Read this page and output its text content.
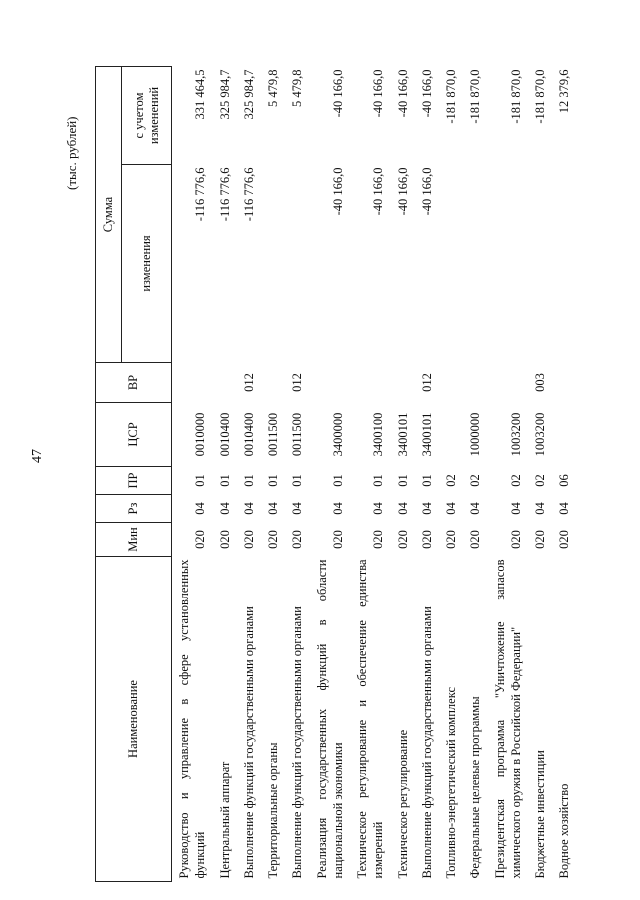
47
(тыс. рублей)
Наименование	Мин	Рз	ПР	ЦСР	ВР	Сумма	
						изменения	с учетом изменений

Руководство и управление в сфере установленных функций	020	04	01	0010000		-116 776,6	331 464,5

Центральный аппарат	020	04	01	0010400		-116 776,6	325 984,7

Выполнение функций государственными органами	020	04	01	0010400	012	-116 776,6	325 984,7

Территориальные органы	020	04	01	0011500			5 479,8

Выполнение функций государственными органами	020	04	01	0011500	012		5 479,8

Реализация государственных функций в области национальной экономики	020	04	01	3400000		-40 166,0	-40 166,0

Техническое регулирование и обеспечение единства измерений	020	04	01	3400100		-40 166,0	-40 166,0

Техническое регулирование	020	04	01	3400101		-40 166,0	-40 166,0

Выполнение функций государственными органами	020	04	01	3400101	012	-40 166,0	-40 166,0

Топливно-энергетический комплекс	020	04	02				-181 870,0

Федеральные целевые программы	020	04	02	1000000			-181 870,0

Президентская программа "Уничтожение запасов химического оружия в Российской Федерации"	020	04	02	1003200			-181 870,0

Бюджетные инвестиции	020	04	02	1003200	003		-181 870,0

Водное хозяйство	020	04	06				12 379,6
